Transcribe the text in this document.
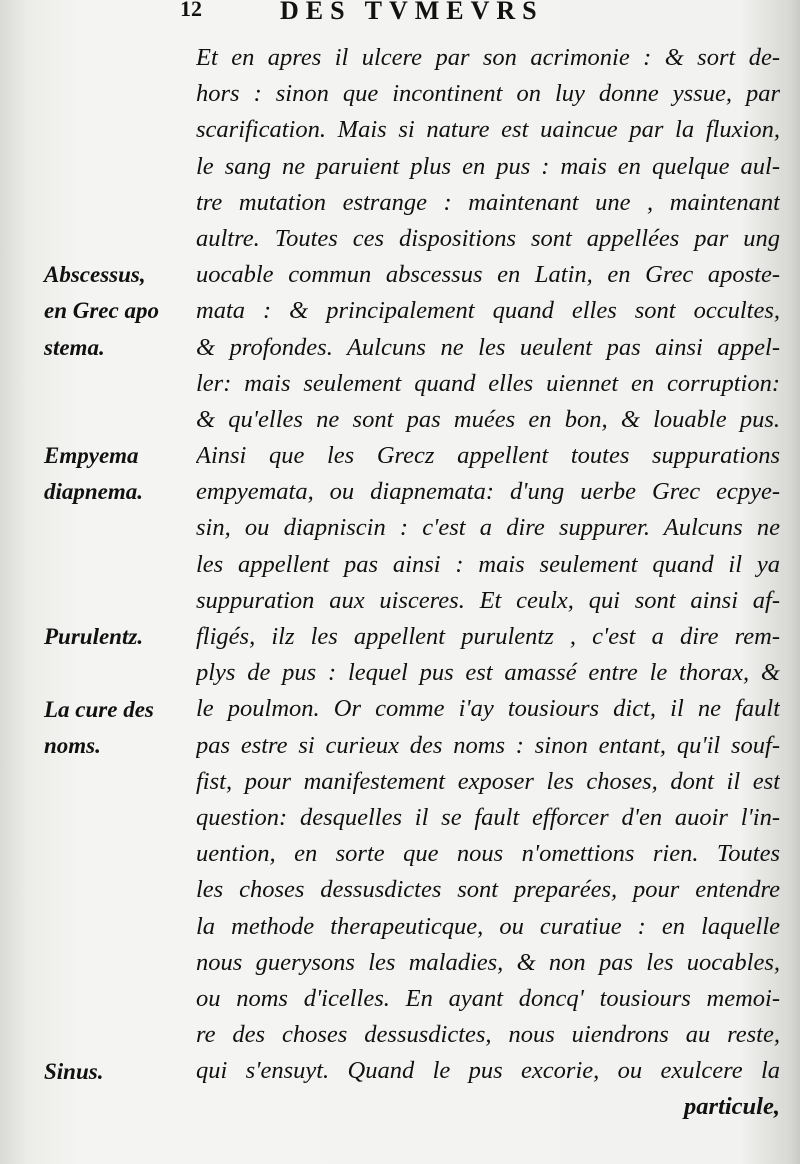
12	DES TVMEVRS
Et en apres il ulcere par son acrimonie : & sort de-
hors : sinon que incontinent on luy donne yssue, par
scarification. Mais si nature est uaincue par la fluxion,
le sang ne paruient plus en pus : mais en quelque aul-
tre mutation estrange : maintenant une , maintenant
aultre. Toutes ces dispositions sont appellées par ung
uocable commun abscessus en Latin, en Grec aposte-
mata : & principalement quand elles sont occultes,
& profondes. Aulcuns ne les ueulent pas ainsi appel-
ler: mais seulement quand elles uiennet en corruption:
& qu'elles ne sont pas muées en bon, & louable pus.
Ainsi que les Grecz appellent toutes suppurations
empyemata, ou diapnemata: d'ung uerbe Grec ecpye-
sin, ou diapniscin : c'est a dire suppurer. Aulcuns ne
les appellent pas ainsi : mais seulement quand il ya
suppuration aux uisceres. Et ceulx, qui sont ainsi af-
fligés, ilz les appellent purulentz , c'est a dire rem-
plys de pus : lequel pus est amassé entre le thorax, &
le poulmon. Or comme i'ay tousiours dict, il ne fault
pas estre si curieux des noms : sinon entant, qu'il souf-
fist, pour manifestement exposer les choses, dont il est
question: desquelles il se fault efforcer d'en auoir l'in-
uention, en sorte que nous n'omettions rien. Toutes
les choses dessusdictes sont preparées, pour entendre
la methode therapeuticque, ou curatiue : en laquelle
nous guerysons les maladies, & non pas les uocables,
ou noms d'icelles. En ayant doncq' tousiours memoi-
re des choses dessusdictes, nous uiendrons au reste,
qui s'ensuyt. Quand le pus excorie, ou exulcere la
particule,
Abscessus,
en Grec apo
stema.
Empyema
diapnema.
Purulentz.
La cure des
noms.
Sinus.
